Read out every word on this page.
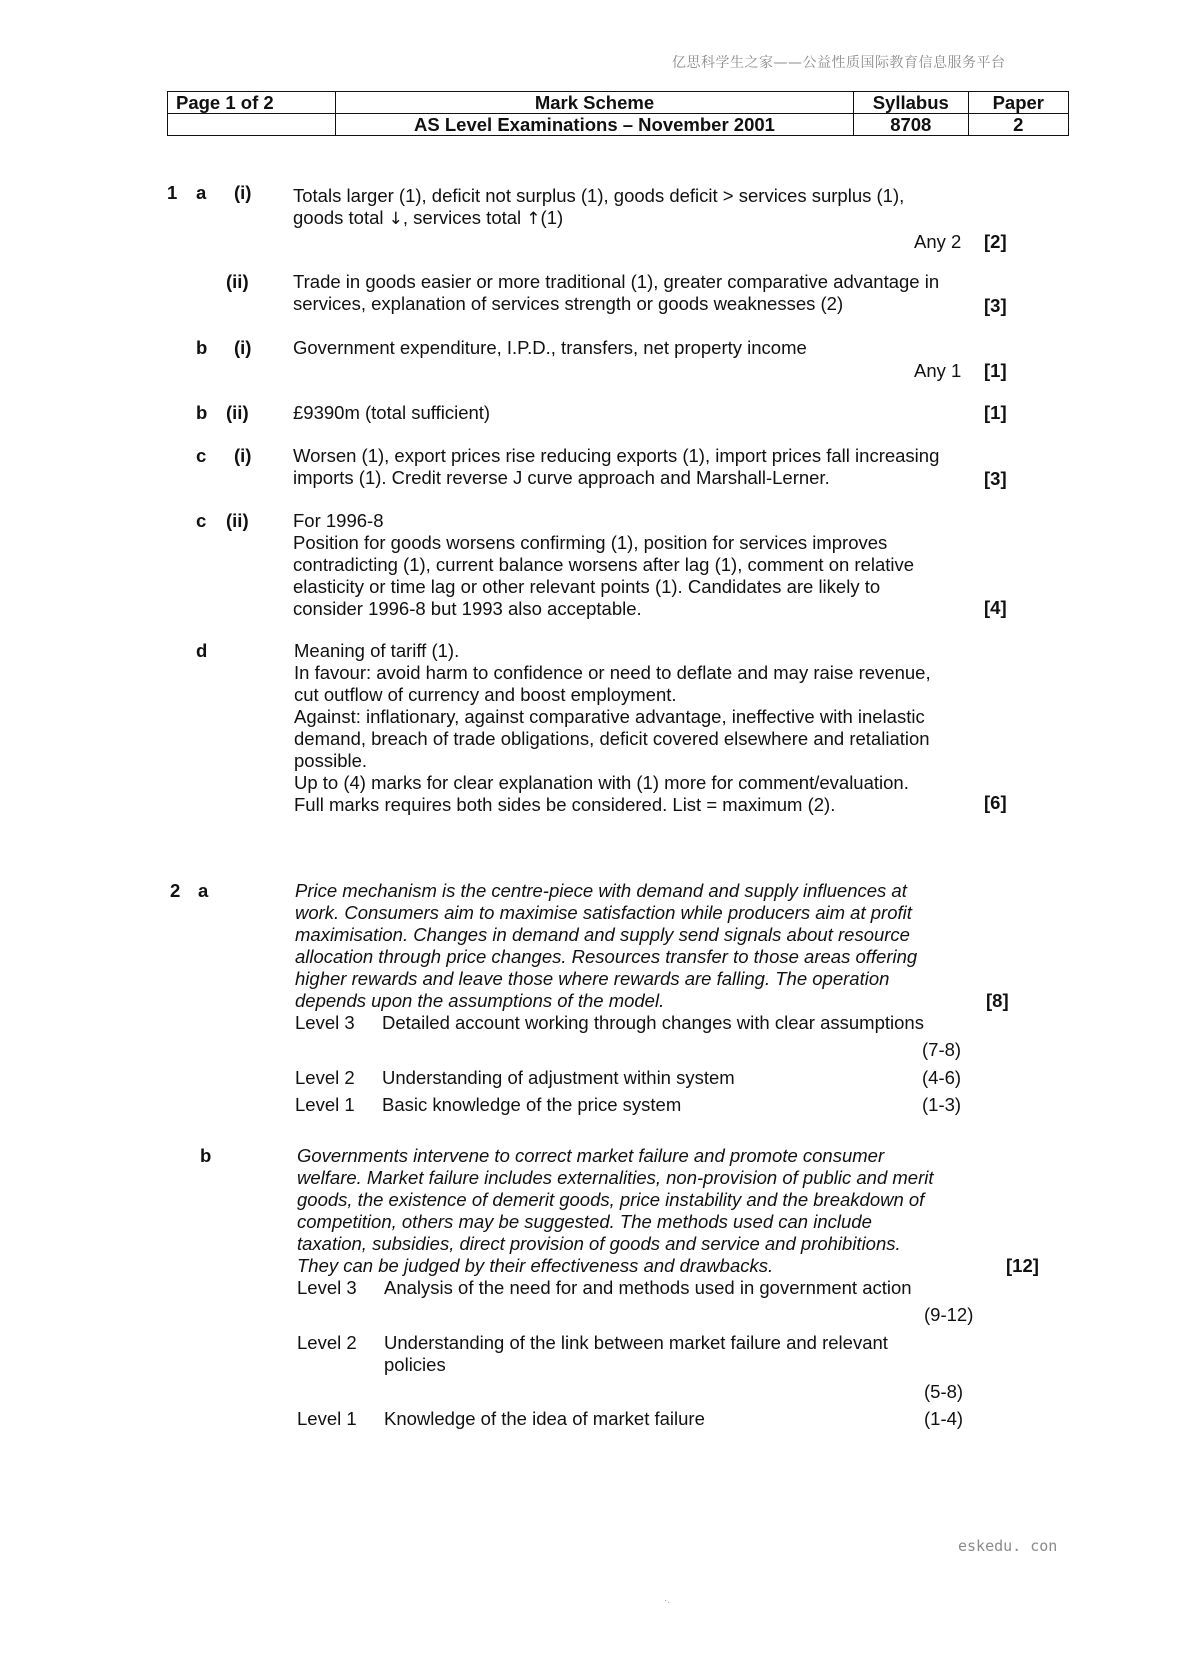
亿思科学生之家——公益性质国际教育信息服务平台
Page 1 of 2	Mark Scheme	Syllabus	Paper
	AS Level Examinations – November 2001	8708	2
1 a (i) Totals larger (1), deficit not surplus (1), goods deficit > services surplus (1),
goods total ↓, services total ↑(1)
Any 2 [2]
(ii) Trade in goods easier or more traditional (1), greater comparative advantage in
services, explanation of services strength or goods weaknesses (2)	[3]
b (i) Government expenditure, I.P.D., transfers, net property income
Any 1 [1]
b (ii) £9390m (total sufficient)	[1]
c (i) Worsen (1), export prices rise reducing exports (1), import prices fall increasing
imports (1). Credit reverse J curve approach and Marshall-Lerner.	[3]
c (ii) For 1996-8
Position for goods worsens confirming (1), position for services improves
contradicting (1), current balance worsens after lag (1), comment on relative
elasticity or time lag or other relevant points (1). Candidates are likely to
consider 1996-8 but 1993 also acceptable.	[4]
d	Meaning of tariff (1).
In favour: avoid harm to confidence or need to deflate and may raise revenue,
cut outflow of currency and boost employment.
Against: inflationary, against comparative advantage, ineffective with inelastic
demand, breach of trade obligations, deficit covered elsewhere and retaliation
possible.
Up to (4) marks for clear explanation with (1) more for comment/evaluation.
Full marks requires both sides be considered. List = maximum (2).	[6]
2 a	Price mechanism is the centre-piece with demand and supply influences at
work. Consumers aim to maximise satisfaction while producers aim at profit
maximisation. Changes in demand and supply send signals about resource
allocation through price changes. Resources transfer to those areas offering
higher rewards and leave those where rewards are falling. The operation
depends upon the assumptions of the model.	[8]
Level 3 Detailed account working through changes with clear assumptions
(7-8)
Level 2 Understanding of adjustment within system	(4-6)
Level 1 Basic knowledge of the price system	(1-3)
b	Governments intervene to correct market failure and promote consumer
welfare. Market failure includes externalities, non-provision of public and merit
goods, the existence of demerit goods, price instability and the breakdown of
competition, others may be suggested. The methods used can include
taxation, subsidies, direct provision of goods and service and prohibitions.
They can be judged by their effectiveness and drawbacks.	[12]
Level 3 Analysis of the need for and methods used in government action
(9-12)
Level 2 Understanding of the link between market failure and relevant
policies
(5-8)
Level 1 Knowledge of the idea of market failure	(1-4)
eskedu. con
·.
